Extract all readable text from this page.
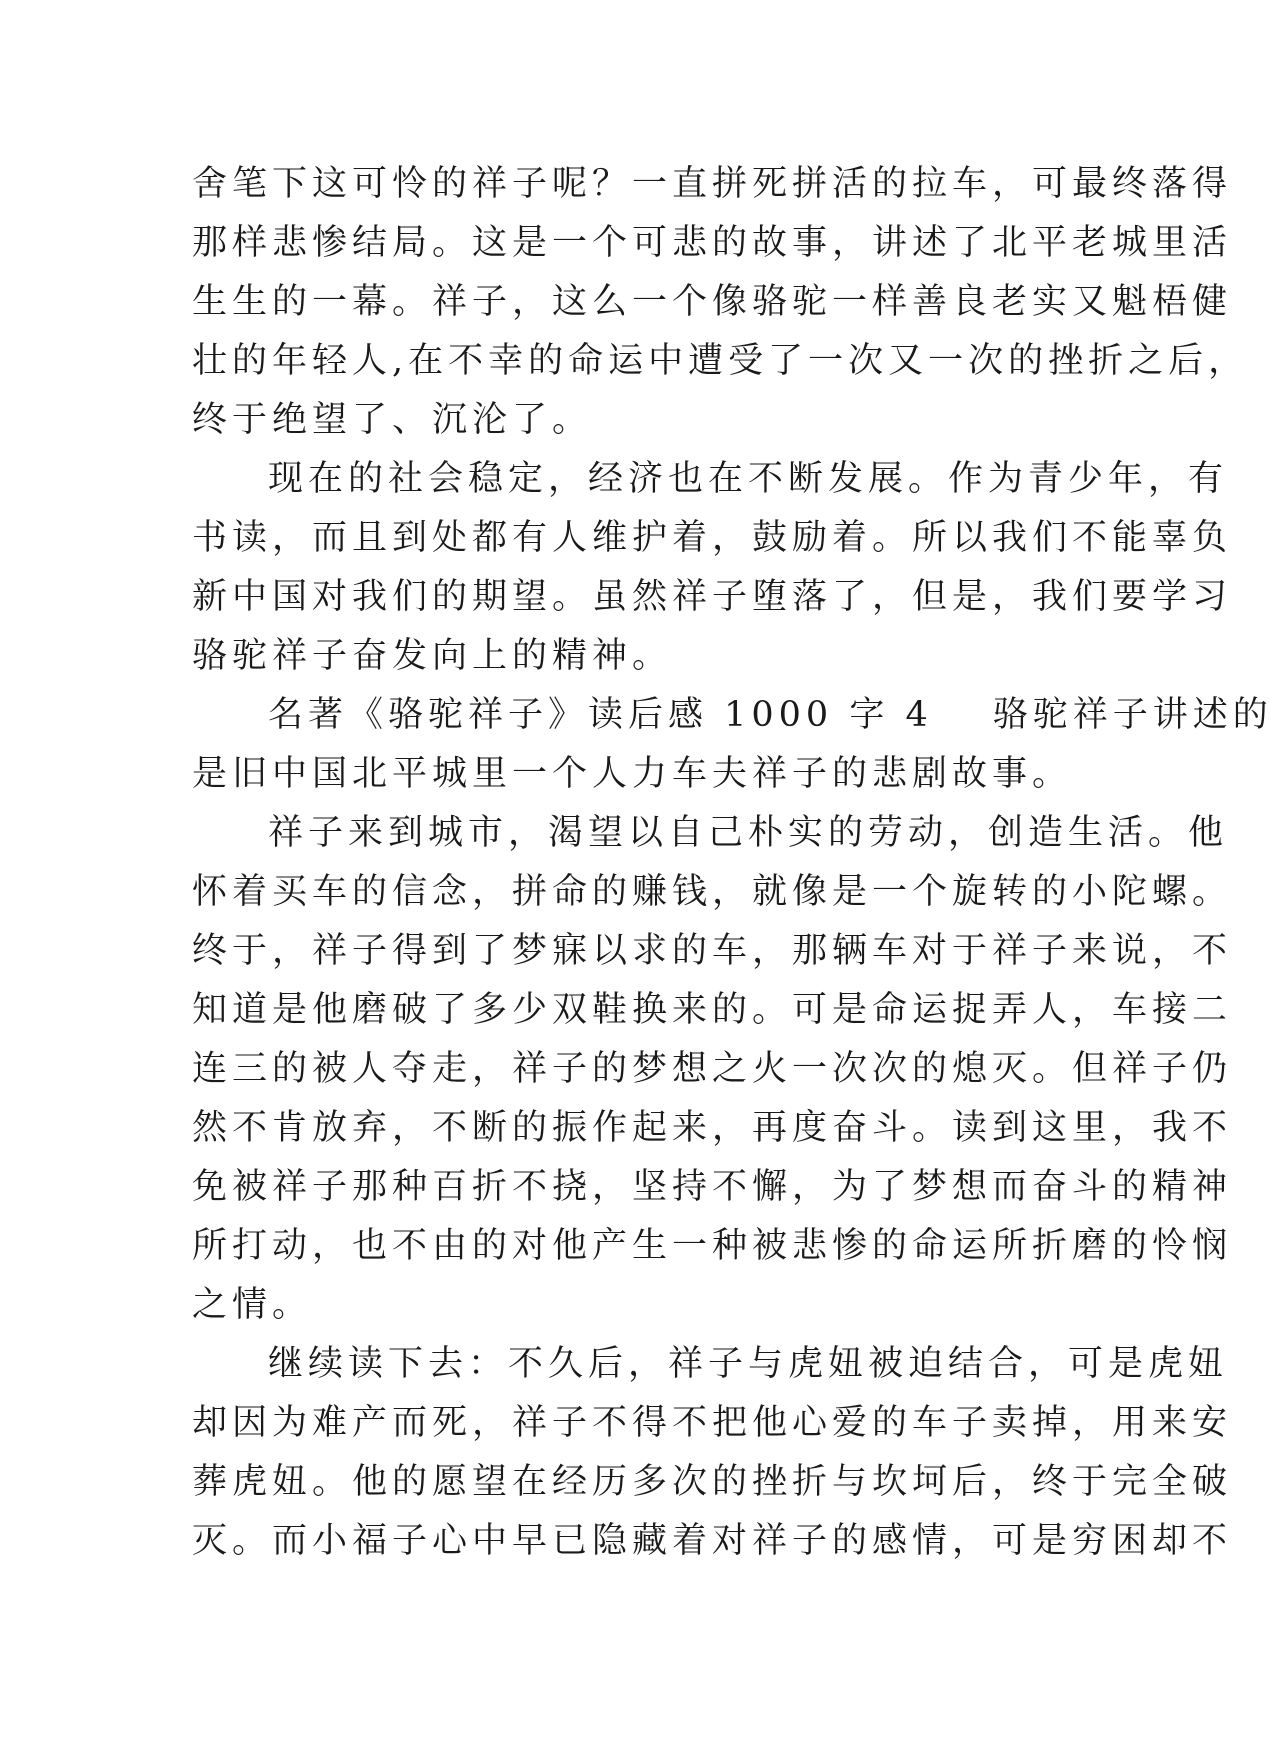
舍笔下这可怜的祥子呢？一直拼死拼活的拉车，可最终落得
那样悲惨结局。这是一个可悲的故事，讲述了北平老城里活
生生的一幕。祥子，这么一个像骆驼一样善良老实又魁梧健
壮的年轻人,在不幸的命运中遭受了一次又一次的挫折之后，
终于绝望了、沉沦了。
现在的社会稳定，经济也在不断发展。作为青少年，有
书读，而且到处都有人维护着，鼓励着。所以我们不能辜负
新中国对我们的期望。虽然祥子堕落了，但是，我们要学习
骆驼祥子奋发向上的精神。
名著《骆驼祥子》读后感 1000 字 4 骆驼祥子讲述的
是旧中国北平城里一个人力车夫祥子的悲剧故事。
祥子来到城市，渴望以自己朴实的劳动，创造生活。他
怀着买车的信念，拼命的赚钱，就像是一个旋转的小陀螺。
终于，祥子得到了梦寐以求的车，那辆车对于祥子来说，不
知道是他磨破了多少双鞋换来的。可是命运捉弄人，车接二
连三的被人夺走，祥子的梦想之火一次次的熄灭。但祥子仍
然不肯放弃，不断的振作起来，再度奋斗。读到这里，我不
免被祥子那种百折不挠，坚持不懈，为了梦想而奋斗的精神
所打动，也不由的对他产生一种被悲惨的命运所折磨的怜悯
之情。
继续读下去：不久后，祥子与虎妞被迫结合，可是虎妞
却因为难产而死，祥子不得不把他心爱的车子卖掉，用来安
葬虎妞。他的愿望在经历多次的挫折与坎坷后，终于完全破
灭。而小福子心中早已隐藏着对祥子的感情，可是穷困却不
